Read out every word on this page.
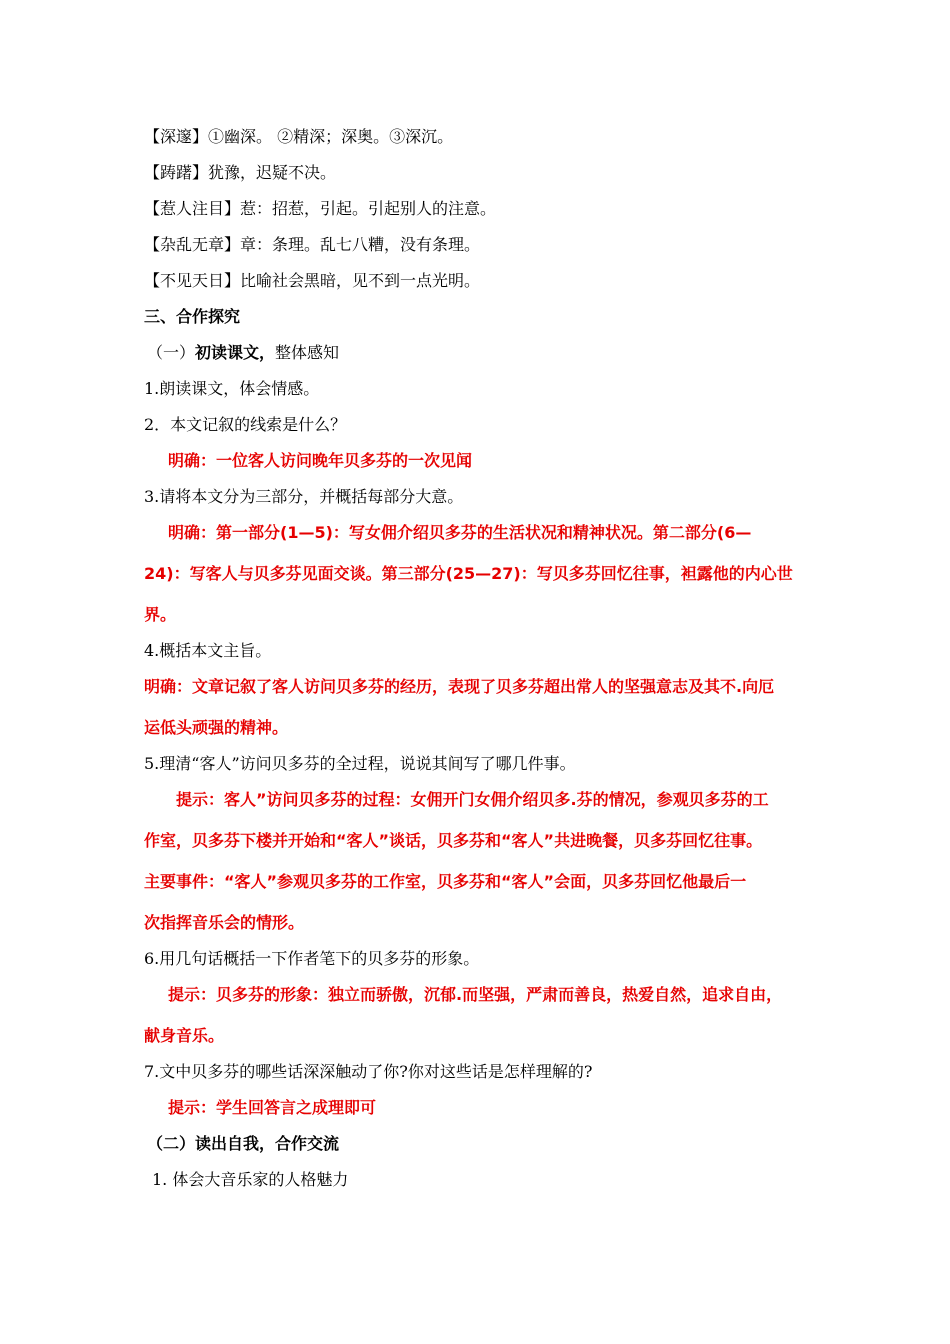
【深邃】①幽深。 ②精深；深奥。③深沉。
【踌躇】犹豫，迟疑不决。
【惹人注目】惹：招惹，引起。引起别人的注意。
【杂乱无章】章：条理。乱七八糟，没有条理。
【不见天日】比喻社会黑暗，见不到一点光明。
三、合作探究
（一）初读课文，整体感知
1.朗读课文，体会情感。
2．本文记叙的线索是什么？
明确：一位客人访问晚年贝多芬的一次见闻
3.请将本文分为三部分，并概括每部分大意。
明确：第一部分(1—5)：写女佣介绍贝多芬的生活状况和精神状况。第二部分(6—
24)：写客人与贝多芬见面交谈。第三部分(25—27)：写贝多芬回忆往事，袒露他的内心世
界。
4.概括本文主旨。
明确：文章记叙了客人访问贝多芬的经历，表现了贝多芬超出常人的坚强意志及其不.向厄
运低头顽强的精神。
5.理清“客人”访问贝多芬的全过程，说说其间写了哪几件事。
提示：客人”访问贝多芬的过程：女佣开门女佣介绍贝多.芬的情况，参观贝多芬的工
作室，贝多芬下楼并开始和“客人”谈话，贝多芬和“客人”共进晚餐，贝多芬回忆往事。
主要事件：“客人”参观贝多芬的工作室，贝多芬和“客人”会面，贝多芬回忆他最后一
次指挥音乐会的情形。
6.用几句话概括一下作者笔下的贝多芬的形象。
提示：贝多芬的形象：独立而骄傲，沉郁.而坚强，严肃而善良，热爱自然，追求自由，
献身音乐。
7.文中贝多芬的哪些话深深触动了你?你对这些话是怎样理解的?
提示：学生回答言之成理即可
（二）读出自我，合作交流
1. 体会大音乐家的人格魅力
